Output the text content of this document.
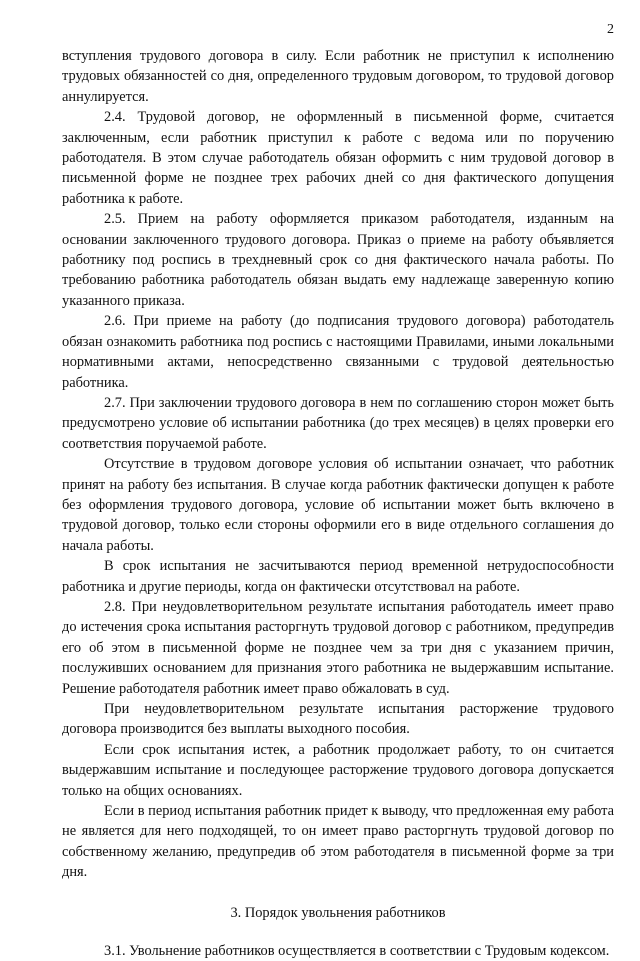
2

вступления трудового договора в силу. Если работник не приступил к исполнению трудовых обязанностей со дня, определенного трудовым договором, то трудовой договор аннулируется.

2.4. Трудовой договор, не оформленный в письменной форме, считается заключенным, если работник приступил к работе с ведома или по поручению работодателя. В этом случае работодатель обязан оформить с ним трудовой договор в письменной форме не позднее трех рабочих дней со дня фактического допущения работника к работе.

2.5. Прием на работу оформляется приказом работодателя, изданным на основании заключенного трудового договора. Приказ о приеме на работу объявляется работнику под роспись в трехдневный срок со дня фактического начала работы. По требованию работника работодатель обязан выдать ему надлежаще заверенную копию указанного приказа.

2.6. При приеме на работу (до подписания трудового договора) работодатель обязан ознакомить работника под роспись с настоящими Правилами, иными локальными нормативными актами, непосредственно связанными с трудовой деятельностью работника.

2.7. При заключении трудового договора в нем по соглашению сторон может быть предусмотрено условие об испытании работника (до трех месяцев) в целях проверки его соответствия поручаемой работе.

Отсутствие в трудовом договоре условия об испытании означает, что работник принят на работу без испытания. В случае когда работник фактически допущен к работе без оформления трудового договора, условие об испытании может быть включено в трудовой договор, только если стороны оформили его в виде отдельного соглашения до начала работы.

В срок испытания не засчитываются период временной нетрудоспособности работника и другие периоды, когда он фактически отсутствовал на работе.

2.8. При неудовлетворительном результате испытания работодатель имеет право до истечения срока испытания расторгнуть трудовой договор с работником, предупредив его об этом в письменной форме не позднее чем за три дня с указанием причин, послуживших основанием для признания этого работника не выдержавшим испытание. Решение работодателя работник имеет право обжаловать в суд.

При неудовлетворительном результате испытания расторжение трудового договора производится без выплаты выходного пособия.

Если срок испытания истек, а работник продолжает работу, то он считается выдержавшим испытание и последующее расторжение трудового договора допускается только на общих основаниях.

Если в период испытания работник придет к выводу, что предложенная ему работа не является для него подходящей, то он имеет право расторгнуть трудовой договор по собственному желанию, предупредив об этом работодателя в письменной форме за три дня.

3. Порядок увольнения работников

3.1. Увольнение работников осуществляется в соответствии с Трудовым кодексом.
